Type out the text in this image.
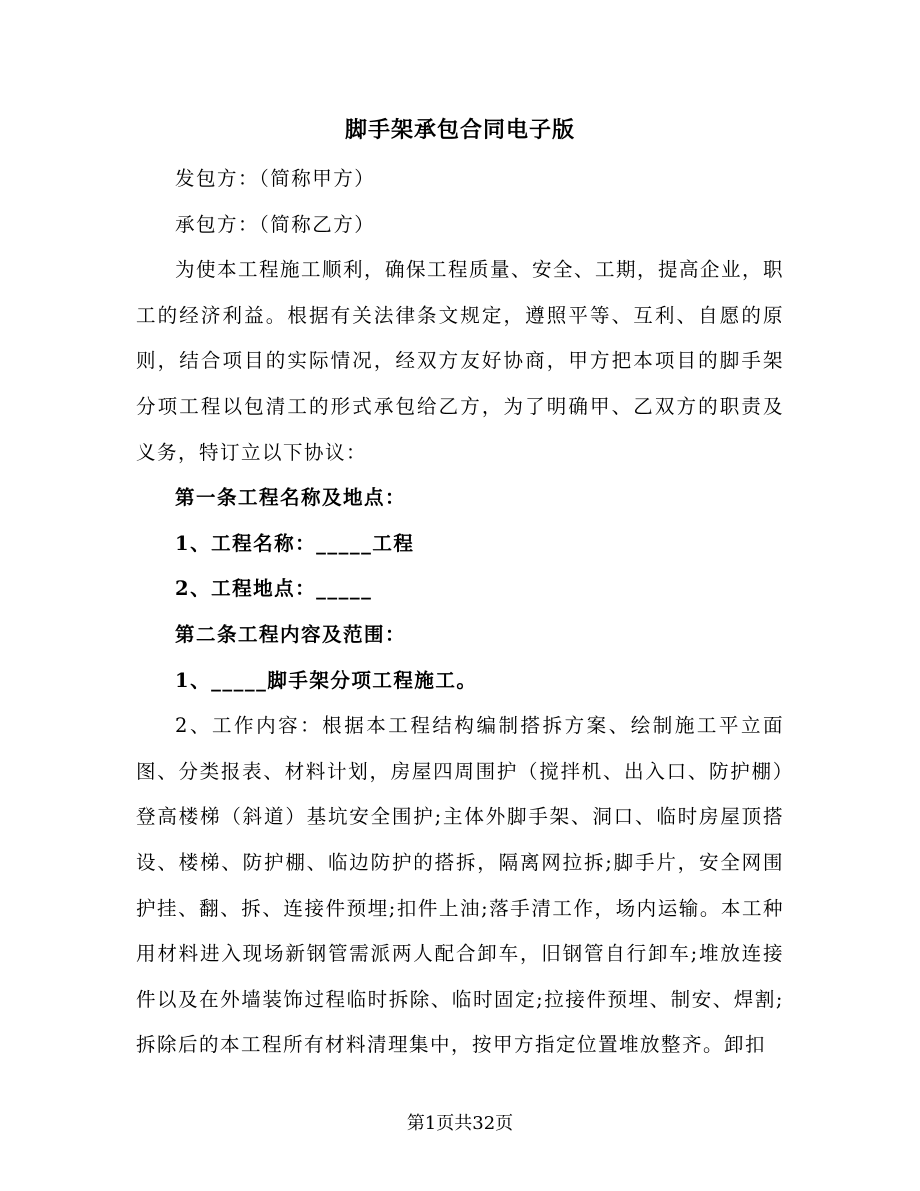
脚手架承包合同电子版

发包方：（简称甲方）

承包方：（简称乙方）

为使本工程施工顺利，确保工程质量、安全、工期，提高企业，职工的经济利益。根据有关法律条文规定，遵照平等、互利、自愿的原则，结合项目的实际情况，经双方友好协商，甲方把本项目的脚手架分项工程以包清工的形式承包给乙方，为了明确甲、乙双方的职责及义务，特订立以下协议：

第一条工程名称及地点：

1、工程名称：_____工程

2、工程地点：_____

第二条工程内容及范围：

1、_____脚手架分项工程施工。

2、工作内容：根据本工程结构编制搭拆方案、绘制施工平立面图、分类报表、材料计划，房屋四周围护（搅拌机、出入口、防护棚）登高楼梯（斜道）基坑安全围护;主体外脚手架、洞口、临时房屋顶搭设、楼梯、防护棚、临边防护的搭拆，隔离网拉拆;脚手片，安全网围护挂、翻、拆、连接件预埋;扣件上油;落手清工作，场内运输。本工种用材料进入现场新钢管需派两人配合卸车，旧钢管自行卸车;堆放连接件以及在外墙装饰过程临时拆除、临时固定;拉接件预埋、制安、焊割;拆除后的本工程所有材料清理集中，按甲方指定位置堆放整齐。卸扣

第1页共32页
